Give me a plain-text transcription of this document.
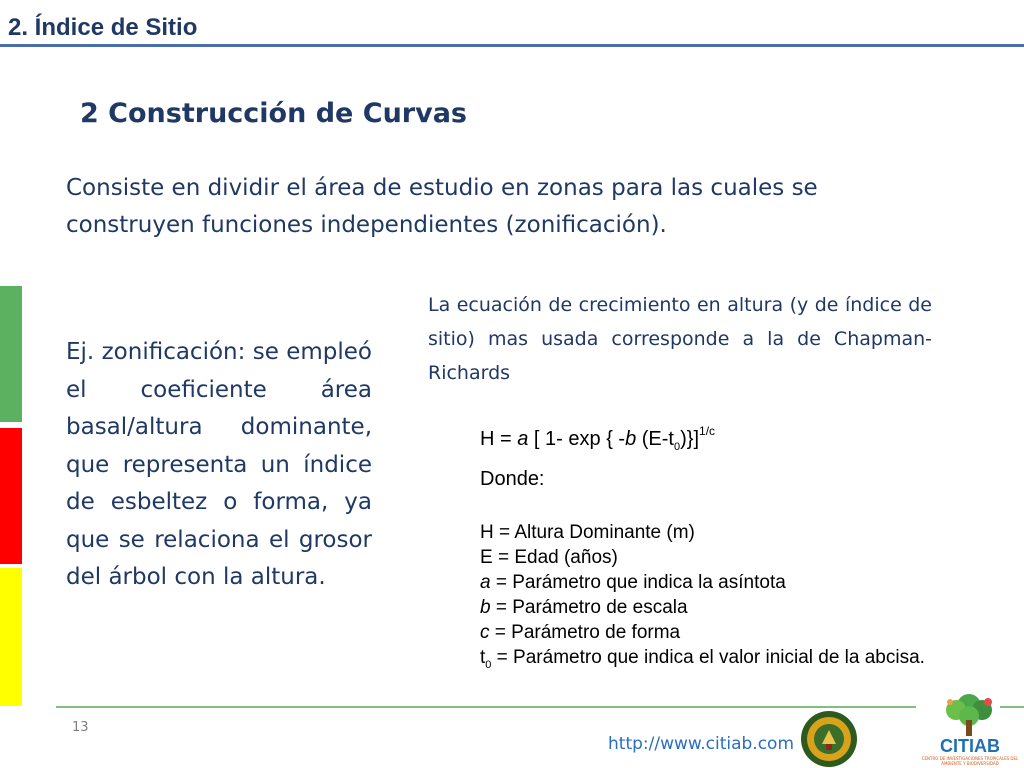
2. Índice de Sitio
2 Construcción de Curvas
Consiste en dividir el área de estudio en zonas para las cuales se construyen funciones independientes (zonificación).
Ej. zonificación: se empleó el coeficiente área basal/altura dominante, que representa un índice de esbeltez o forma, ya que se relaciona el grosor del árbol con la altura.
La ecuación de crecimiento en altura (y de índice de sitio) mas usada corresponde a la de Chapman-Richards
H = a [ 1- exp { -b $(E-t_0)\}]^{1/c}$
Donde:
H = Altura Dominante (m)
E = Edad (años)
a = Parámetro que indica la asíntota
b = Parámetro de escala
c = Parámetro de forma
$t_0$ = Parámetro que indica el valor inicial de la abcisa.
13
http://www.citiab.com	CITIAB
CENTRO DE INVESTIGACIONES TROPICALES DEL AMBIENTE Y BIODIVERSIDAD
